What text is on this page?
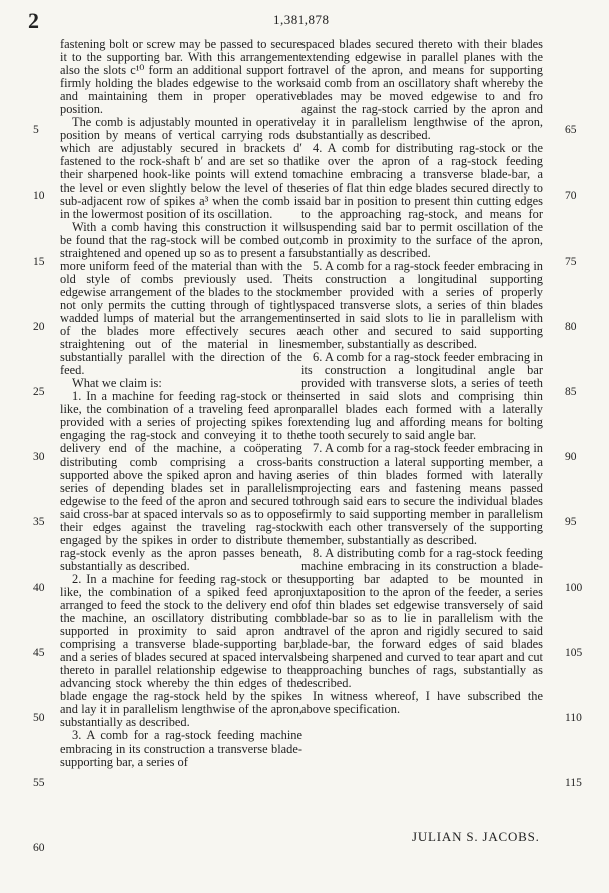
2	1,381,878

fastening bolt or screw may be passed to secure it to the supporting bar. With this arrangement also the slots c¹⁰ form an additional support for firmly holding the blades edgewise to the work and maintaining them in proper operative position.

The comb is adjustably mounted in operative position by means of vertical carrying rods d which are adjustably secured in brackets d′ fastened to the rock-shaft b′ and are set so that their sharpened hook-like points will extend to the level or even slightly below the level of the sub-adjacent row of spikes a³ when the comb is in the lowermost position of its oscillation.

With a comb having this construction it will be found that the rag-stock will be combed out, straightened and opened up so as to present a far more uniform feed of the material than with the old style of combs previously used. The edgewise arrangement of the blades to the stock not only permits the cutting through of tightly wadded lumps of material but the arrangement of the blades more effectively secures a straightening out of the material in lines substantially parallel with the direction of the feed.

What we claim is:

1. In a machine for feeding rag-stock or the like, the combination of a traveling feed apron provided with a series of projecting spikes for engaging the rag-stock and conveying it to the delivery end of the machine, a coöperating distributing comb comprising a cross-bar supported above the spiked apron and having a series of depending blades set in parallelism edgewise to the feed of the apron and secured to said cross-bar at spaced intervals so as to oppose their edges against the traveling rag-stock engaged by the spikes in order to distribute the rag-stock evenly as the apron passes beneath, substantially as described.

2. In a machine for feeding rag-stock or the like, the combination of a spiked feed apron arranged to feed the stock to the delivery end of the machine, an oscillatory distributing comb supported in proximity to said apron and comprising a transverse blade-supporting bar, and a series of blades secured at spaced intervals thereto in parallel relationship edgewise to the advancing stock whereby the thin edges of the blade engage the rag-stock held by the spikes and lay it in parallelism lengthwise of the apron, substantially as described.

3. A comb for a rag-stock feeding machine embracing in its construction a transverse blade-supporting bar, a series of

spaced blades secured thereto with their blades extending edgewise in parallel planes with the travel of the apron, and means for supporting said comb from an oscillatory shaft whereby the blades may be moved edgewise to and fro against the rag-stock carried by the apron and lay it in parallelism lengthwise of the apron, substantially as described.

4. A comb for distributing rag-stock or the like over the apron of a rag-stock feeding machine embracing a transverse blade-bar, a series of flat thin edge blades secured directly to said bar in position to present thin cutting edges to the approaching rag-stock, and means for suspending said bar to permit oscillation of the comb in proximity to the surface of the apron, substantially as described.

5. A comb for a rag-stock feeder embracing in its construction a longitudinal supporting member provided with a series of properly spaced transverse slots, a series of thin blades inserted in said slots to lie in parallelism with each other and secured to said supporting member, substantially as described.

6. A comb for a rag-stock feeder embracing in its construction a longitudinal angle bar provided with transverse slots, a series of teeth inserted in said slots and comprising thin parallel blades each formed with a laterally extending lug and affording means for bolting the tooth securely to said angle bar.

7. A comb for a rag-stock feeder embracing in its construction a lateral supporting member, a series of thin blades formed with laterally projecting ears and fastening means passed through said ears to secure the individual blades firmly to said supporting member in parallelism with each other transversely of the supporting member, substantially as described.

8. A distributing comb for a rag-stock feeding machine embracing in its construction a blade-supporting bar adapted to be mounted in juxtaposition to the apron of the feeder, a series of thin blades set edgewise transversely of said blade-bar so as to lie in parallelism with the travel of the apron and rigidly secured to said blade-bar, the forward edges of said blades being sharpened and curved to tear apart and cut approaching bunches of rags, substantially as described.

In witness whereof, I have subscribed the above specification.

5
10
15
20
25
30
35
40
45
50
55
60
65
70
75
80
85
90
95
100
105
110
115
JULIAN S. JACOBS.
